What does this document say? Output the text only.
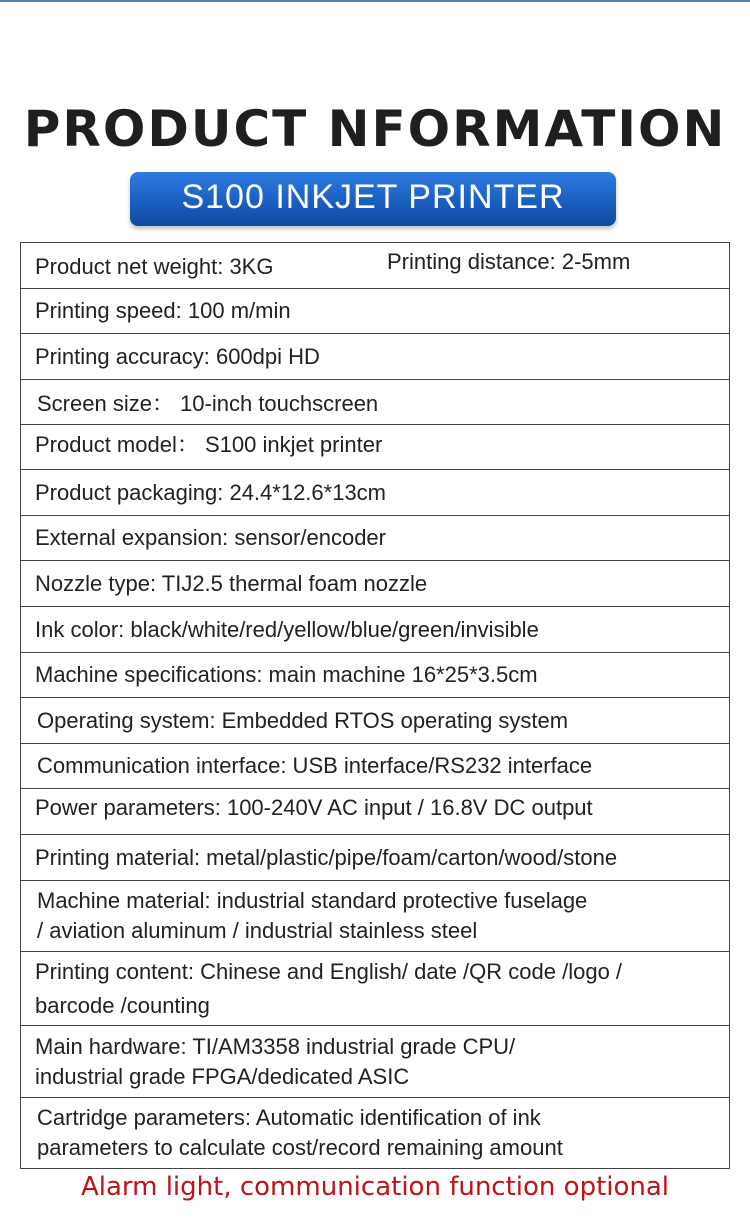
PRODUCT NFORMATION
S100 INKJET PRINTER
Product net weight: 3KG	Printing distance: 2-5mm
Printing speed: 100 m/min
Printing accuracy: 600dpi HD
Screen size： 10-inch touchscreen
Product model： S100 inkjet printer
Product packaging: 24.4*12.6*13cm
External expansion: sensor/encoder
Nozzle type: TIJ2.5 thermal foam nozzle
Ink color: black/white/red/yellow/blue/green/invisible
Machine specifications: main machine 16*25*3.5cm
Operating system: Embedded RTOS operating system
Communication interface: USB interface/RS232 interface
Power parameters: 100-240V AC input / 16.8V DC output
Printing material: metal/plastic/pipe/foam/carton/wood/stone
Machine material: industrial standard protective fuselage
/ aviation aluminum / industrial stainless steel
Printing content: Chinese and English/ date /QR code /logo /
barcode /counting
Main hardware: TI/AM3358 industrial grade CPU/
industrial grade FPGA/dedicated ASIC
Cartridge parameters: Automatic identification of ink
parameters to calculate cost/record remaining amount
Alarm light, communication function optional
